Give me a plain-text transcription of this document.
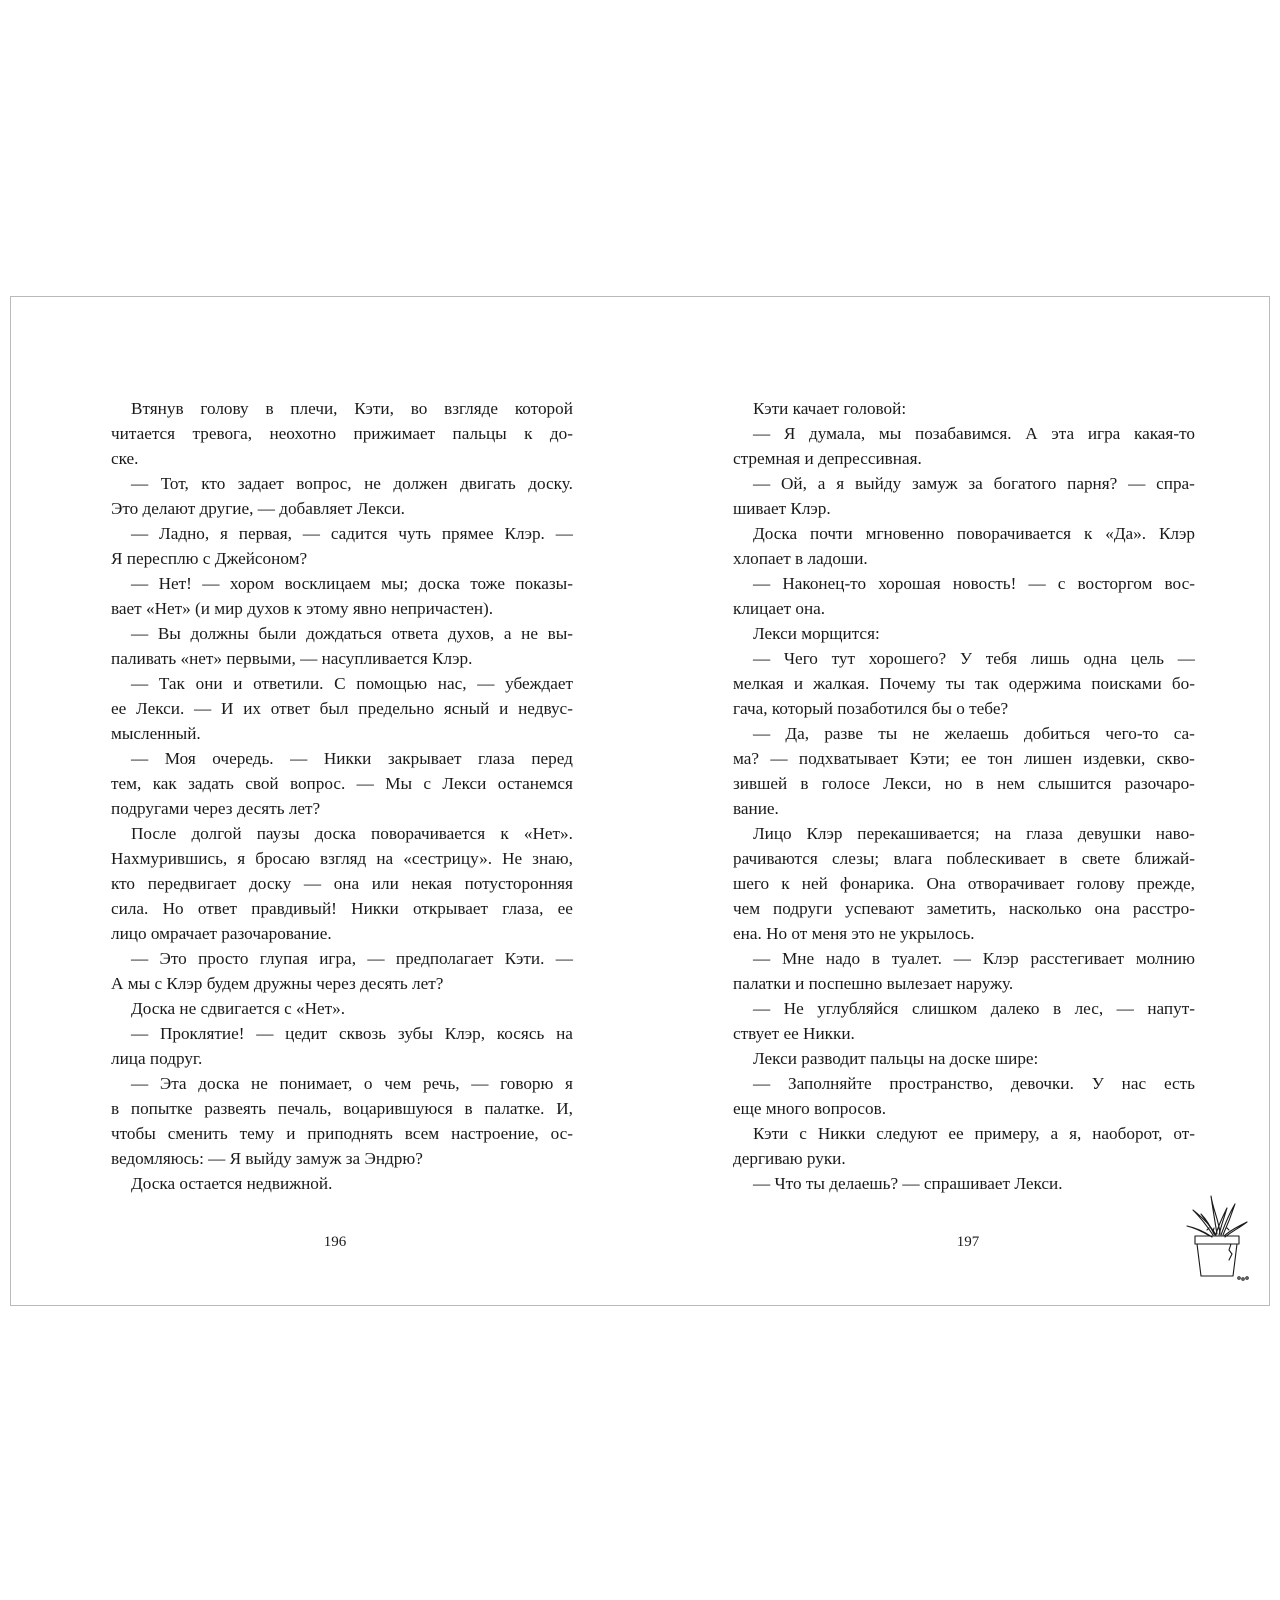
Втянув голову в плечи, Кэти, во взгляде которой
читается тревога, неохотно прижимает пальцы к до-
ске.
— Тот, кто задает вопрос, не должен двигать доску.
Это делают другие, — добавляет Лекси.
— Ладно, я первая, — садится чуть прямее Клэр. —
Я пересплю с Джейсоном?
— Нет! — хором восклицаем мы; доска тоже показы-
вает «Нет» (и мир духов к этому явно непричастен).
— Вы должны были дождаться ответа духов, а не вы-
паливать «нет» первыми, — насупливается Клэр.
— Так они и ответили. С помощью нас, — убеждает
ее Лекси. — И их ответ был предельно ясный и недвус-
мысленный.
— Моя очередь. — Никки закрывает глаза перед
тем, как задать свой вопрос. — Мы с Лекси останемся
подругами через десять лет?
После долгой паузы доска поворачивается к «Нет».
Нахмурившись, я бросаю взгляд на «сестрицу». Не знаю,
кто передвигает доску — она или некая потусторонняя
сила. Но ответ правдивый! Никки открывает глаза, ее
лицо омрачает разочарование.
— Это просто глупая игра, — предполагает Кэти. —
А мы с Клэр будем дружны через десять лет?
Доска не сдвигается с «Нет».
— Проклятие! — цедит сквозь зубы Клэр, косясь на
лица подруг.
— Эта доска не понимает, о чем речь, — говорю я
в попытке развеять печаль, воцарившуюся в палатке. И,
чтобы сменить тему и приподнять всем настроение, ос-
ведомляюсь: — Я выйду замуж за Эндрю?
Доска остается недвижной.
Кэти качает головой:
— Я думала, мы позабавимся. А эта игра какая-то
стремная и депрессивная.
— Ой, а я выйду замуж за богатого парня? — спра-
шивает Клэр.
Доска почти мгновенно поворачивается к «Да». Клэр
хлопает в ладоши.
— Наконец-то хорошая новость! — с восторгом вос-
клицает она.
Лекси морщится:
— Чего тут хорошего? У тебя лишь одна цель —
мелкая и жалкая. Почему ты так одержима поисками бо-
гача, который позаботился бы о тебе?
— Да, разве ты не желаешь добиться чего-то са-
ма? — подхватывает Кэти; ее тон лишен издевки, скво-
зившей в голосе Лекси, но в нем слышится разочаро-
вание.
Лицо Клэр перекашивается; на глаза девушки наво-
рачиваются слезы; влага поблескивает в свете ближай-
шего к ней фонарика. Она отворачивает голову прежде,
чем подруги успевают заметить, насколько она расстро-
ена. Но от меня это не укрылось.
— Мне надо в туалет. — Клэр расстегивает молнию
палатки и поспешно вылезает наружу.
— Не углубляйся слишком далеко в лес, — напут-
ствует ее Никки.
Лекси разводит пальцы на доске шире:
— Заполняйте пространство, девочки. У нас есть
еще много вопросов.
Кэти с Никки следуют ее примеру, а я, наоборот, от-
дергиваю руки.
— Что ты делаешь? — спрашивает Лекси.
196	197
